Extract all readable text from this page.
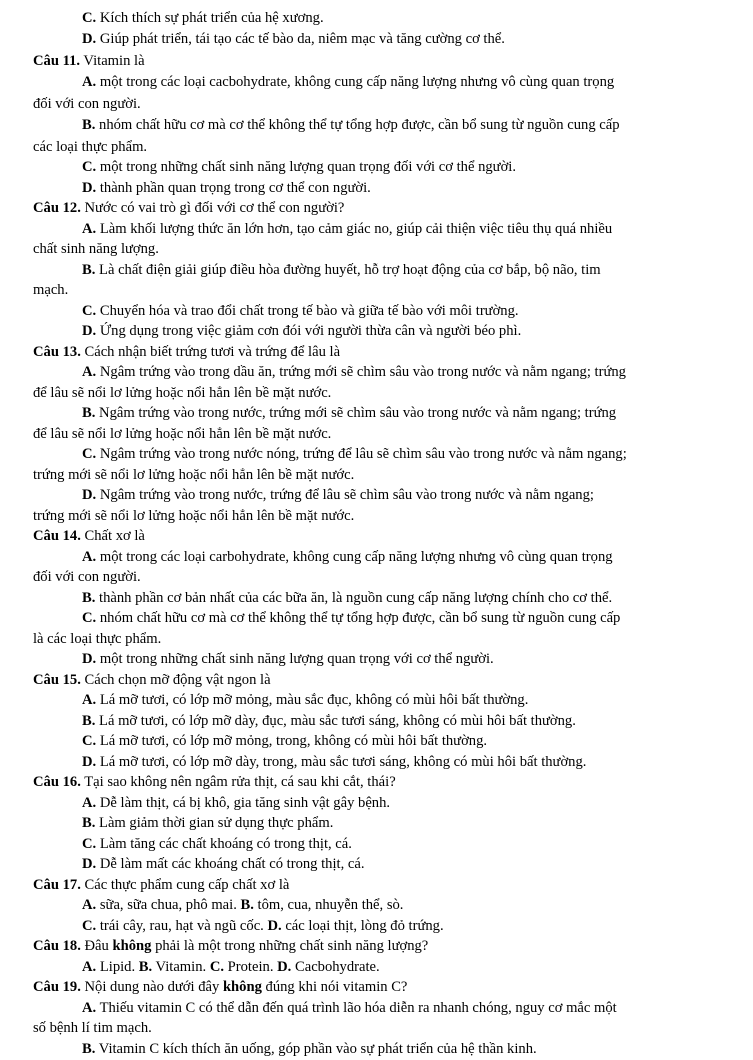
C. Kích thích sự phát triển của hệ xương.
D. Giúp phát triển, tái tạo các tế bào da, niêm mạc và tăng cường cơ thể.
Câu 11. Vitamin là
A. một trong các loại cacbohydrate, không cung cấp năng lượng nhưng vô cùng quan trọng
đối với con người.
B. nhóm chất hữu cơ mà cơ thể không thể tự tổng hợp được, cần bổ sung từ nguồn cung cấp
các loại thực phẩm.
C. một trong những chất sinh năng lượng quan trọng đối với cơ thể người.
D. thành phần quan trọng trong cơ thể con người.
Câu 12. Nước có vai trò gì đối với cơ thể con người?
A. Làm khối lượng thức ăn lớn hơn, tạo cảm giác no, giúp cải thiện việc tiêu thụ quá nhiều
chất sinh năng lượng.
B. Là chất điện giải giúp điều hòa đường huyết, hỗ trợ hoạt động của cơ bắp, bộ não, tim
mạch.
C. Chuyển hóa và trao đổi chất trong tế bào và giữa tế bào với môi trường.
D. Ứng dụng trong việc giảm cơn đói với người thừa cân và người béo phì.
Câu 13. Cách nhận biết trứng tươi và trứng để lâu là
A. Ngâm trứng vào trong dầu ăn, trứng mới sẽ chìm sâu vào trong nước và nằm ngang; trứng
để lâu sẽ nổi lơ lửng hoặc nổi hẳn lên bề mặt nước.
B. Ngâm trứng vào trong nước, trứng mới sẽ chìm sâu vào trong nước và nằm ngang; trứng
để lâu sẽ nổi lơ lửng hoặc nổi hẳn lên bề mặt nước.
C. Ngâm trứng vào trong nước nóng, trứng để lâu sẽ chìm sâu vào trong nước và nằm ngang;
trứng mới sẽ nổi lơ lửng hoặc nổi hẳn lên bề mặt nước.
D. Ngâm trứng vào trong nước, trứng để lâu sẽ chìm sâu vào trong nước và nằm ngang;
trứng mới sẽ nổi lơ lửng hoặc nổi hẳn lên bề mặt nước.
Câu 14. Chất xơ là
A. một trong các loại carbohydrate, không cung cấp năng lượng nhưng vô cùng quan trọng
đối với con người.
B. thành phần cơ bản nhất của các bữa ăn, là nguồn cung cấp năng lượng chính cho cơ thể.
C. nhóm chất hữu cơ mà cơ thể không thể tự tổng hợp được, cần bổ sung từ nguồn cung cấp
là các loại thực phẩm.
D. một trong những chất sinh năng lượng quan trọng với cơ thể người.
Câu 15. Cách chọn mỡ động vật ngon là
A. Lá mỡ tươi, có lớp mỡ mỏng, màu sắc đục, không có mùi hôi bất thường.
B. Lá mỡ tươi, có lớp mỡ dày, đục, màu sắc tươi sáng, không có mùi hôi bất thường.
C. Lá mỡ tươi, có lớp mỡ mỏng, trong, không có mùi hôi bất thường.
D. Lá mỡ tươi, có lớp mỡ dày, trong, màu sắc tươi sáng, không có mùi hôi bất thường.
Câu 16. Tại sao không nên ngâm rửa thịt, cá sau khi cắt, thái?
A. Dễ làm thịt, cá bị khô, gia tăng sinh vật gây bệnh.
B. Làm giảm thời gian sử dụng thực phẩm.
C. Làm tăng các chất khoáng có trong thịt, cá.
D. Dễ làm mất các khoáng chất có trong thịt, cá.
Câu 17. Các thực phẩm cung cấp chất xơ là
A. sữa, sữa chua, phô mai. B. tôm, cua, nhuyễn thể, sò.
C. trái cây, rau, hạt và ngũ cốc. D. các loại thịt, lòng đỏ trứng.
Câu 18. Đâu không phải là một trong những chất sinh năng lượng?
A. Lipid. B. Vitamin. C. Protein. D. Cacbohydrate.
Câu 19. Nội dung nào dưới đây không đúng khi nói vitamin C?
A. Thiếu vitamin C có thể dẫn đến quá trình lão hóa diễn ra nhanh chóng, nguy cơ mắc một
số bệnh lí tim mạch.
B. Vitamin C kích thích ăn uống, góp phần vào sự phát triển của hệ thần kinh.
